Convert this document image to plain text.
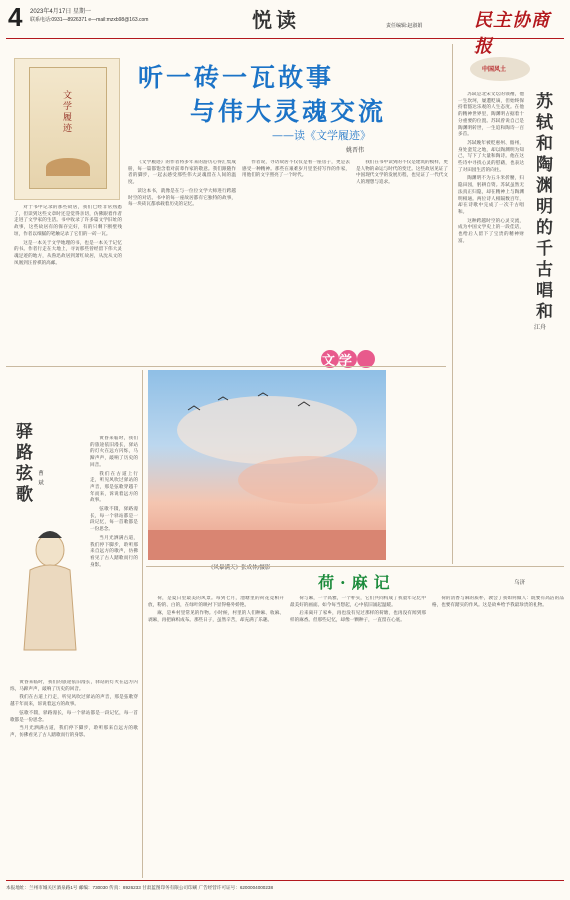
4 2023年4月17日 星期一
联系电话:0931—8926371 e—mail:mzxb98@163.com	悦读	责任编辑:赵淑娟	民主协商报
文学履迹
听一砖一瓦故事
与伟大灵魂交流
——读《文学履迹》
姚晋伟

对于书中记录的那些故居，我们已经非常熟悉了，但读到这些文章时还是觉得亲切，仿佛跟着作者走进了文学家的生活。书中收录了许多篇文学旧址的故事，这些故居有的保存完好，有的只剩下断壁残垣，作者以细腻的笔触记录了它们的一砖一瓦。

这是一本关于文学地理的书，也是一本关于记忆的书。作者行走在大地上，寻访那些曾经留下伟大灵魂足迹的地方，从鲁迅故居到萧红故居，从沈从文的凤凰到汪曾祺的高邮。

《文学履迹》的作者将多年来的游历心得汇集成册，每一篇都饱含着对前辈作家的敬意。我们跟随作者的脚步，一起去感受那些伟大灵魂留在人间的温度。

读这本书，就像是在与一位位文学大师进行跨越时空的对话。书中的每一座故居都有它独特的故事，每一块砖瓦都承载着历史的记忆。

作者说，寻访故居不仅仅是看一座房子，更是去感受一种精神。那些在艰难岁月里坚持写作的作家，用他们的文字照亮了一个时代。

我们在书中读到的不仅是建筑的模样，更是人物的命运与时代的变迁。这些故居见证了中国现代文学的发展历程，也见证了一代代文人的理想与追求。

文学
中国风土
苏轼和陶渊明的千古唱和

苏轼是北宋文坛的领袖，他一生坎坷，屡遭贬谪，但始终保持着豁达乐观的人生态度。在他的精神世界里，陶渊明占据着十分重要的位置。苏轼曾说自己是陶渊明转世，一生追和陶诗一百多首。

苏轼晚年被贬惠州、儋州，身处蛮荒之地，却以陶渊明为知己，写下了大量和陶诗。他在这些诗中寻找心灵的慰藉，也表达了对田园生活的向往。

陶渊明不为五斗米折腰，归隐田园，躬耕自资。苏轼虽然无法真正归隐，却在精神上与陶渊明相通。两位诗人相隔数百年，却在诗歌中完成了一次千古唱和。

这种跨越时空的心灵交流，成为中国文学史上的一段佳话，也给后人留下了宝贵的精神财富。

江舟
驿路弦歌 曹斌

黄昏来临时，我们的旅途依旧漫长，驿站的灯火在远方闪烁，马蹄声声，敲响了历史的回音。

我们在古道上行走，听见风吹过驿站的声音，那是弦歌穿越千年而来，诉说着远方的故事。

弦歌不辍，驿路漫长，每一个驿站都是一段记忆，每一首歌都是一份思念。

当月光洒满古道，我们停下脚步，聆听那来自远方的歌声，仿佛看见了古人踏歌而行的身影。

黄昏来临时，我们的旅途依旧漫长，驿站的灯火在远方闪烁，马蹄声声，敲响了历史的回音。

我们在古道上行走，听见风吹过驿站的声音，那是弦歌穿越千年而来，诉说着远方的故事。

弦歌不辍，驿路漫长，每一个驿站都是一段记忆，每一首歌都是一份思念。

当月光洒满古道，我们停下脚步，聆听那来自远方的歌声，仿佛看见了古人踏歌而行的身影。

《风暴满天》张成林/摄影
荷·麻记	乌济

荷，是夏日里最美的风景。每到七月，池塘里的荷花竞相开放，粉的、白的，在绿叶的映衬下显得格外娇艳。

麻，是乡村里常见的作物。小时候，村里的人们种麻、收麻、剥麻，再把麻织成布。那些日子，虽然辛苦，却充满了乐趣。

荷与麻，一个高雅，一个朴实，它们共同构成了我童年记忆中最美好的画面。如今每当想起，心中依旧涌起温暖。

后来离开了家乡，再也没有见过那样的荷塘，也再没有闻到那样的麻香。但那些记忆，却像一颗种子，一直留在心底。

荷的清香与麻的质朴，教会了我如何做人：既要有高洁的品格，也要有踏实的作风。这是故乡给予我最珍贵的礼物。

本报地址：兰州市城关区酒泉路1号 邮编：730030 传真：8926233 甘肃蓝图印务有限公司印刷 广告经营许可证号：6200004000238
